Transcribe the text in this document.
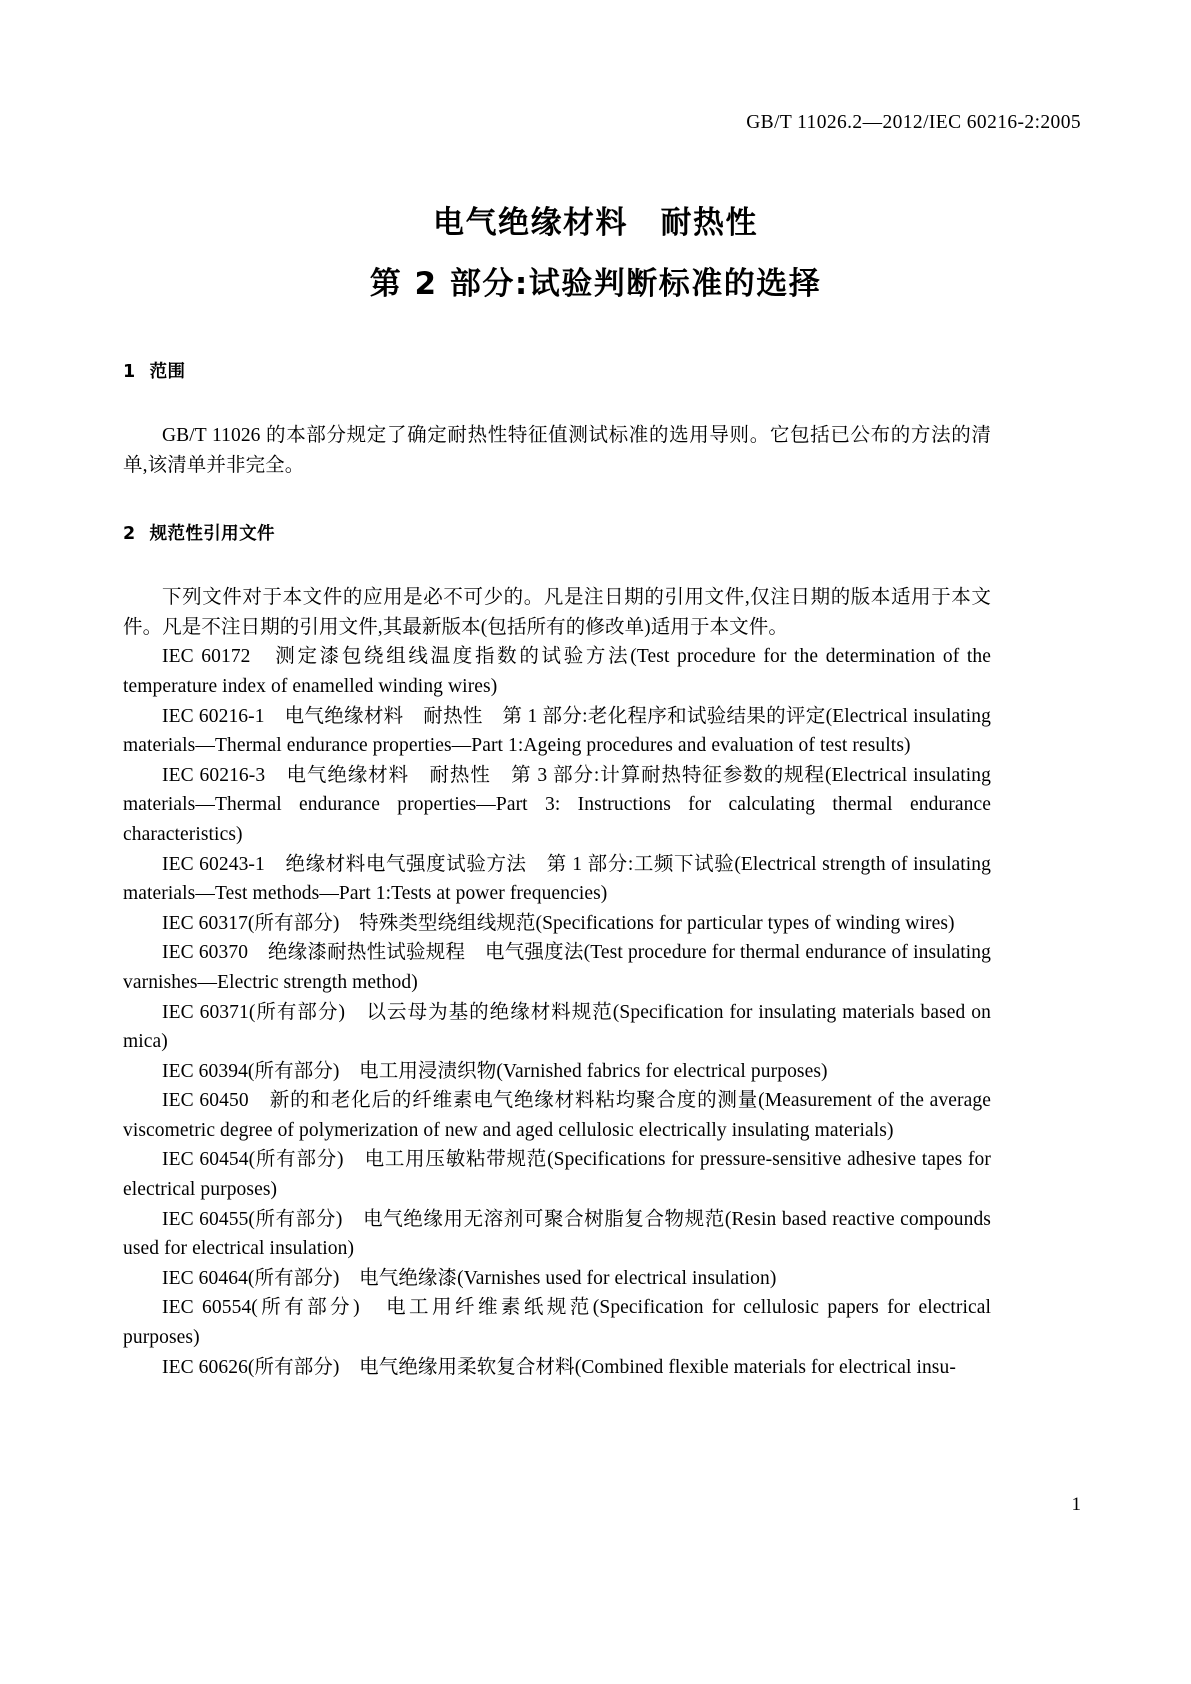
GB/T 11026.2—2012/IEC 60216-2:2005
电气绝缘材料　耐热性
第 2 部分:试验判断标准的选择
1 范围

GB/T 11026 的本部分规定了确定耐热性特征值测试标准的选用导则。它包括已公布的方法的清单,该清单并非完全。

2 规范性引用文件

下列文件对于本文件的应用是必不可少的。凡是注日期的引用文件,仅注日期的版本适用于本文件。凡是不注日期的引用文件,其最新版本(包括所有的修改单)适用于本文件。

IEC 60172　测定漆包绕组线温度指数的试验方法(Test procedure for the determination of the temperature index of enamelled winding wires)
IEC 60216-1　电气绝缘材料　耐热性　第 1 部分:老化程序和试验结果的评定(Electrical insulating materials—Thermal endurance properties—Part 1:Ageing procedures and evaluation of test results)
IEC 60216-3　电气绝缘材料　耐热性　第 3 部分:计算耐热特征参数的规程(Electrical insulating materials—Thermal endurance properties—Part 3: Instructions for calculating thermal endurance characteristics)
IEC 60243-1　绝缘材料电气强度试验方法　第 1 部分:工频下试验(Electrical strength of insulating materials—Test methods—Part 1:Tests at power frequencies)
IEC 60317(所有部分)　特殊类型绕组线规范(Specifications for particular types of winding wires)
IEC 60370　绝缘漆耐热性试验规程　电气强度法(Test procedure for thermal endurance of insulating varnishes—Electric strength method)
IEC 60371(所有部分)　以云母为基的绝缘材料规范(Specification for insulating materials based on mica)
IEC 60394(所有部分)　电工用浸渍织物(Varnished fabrics for electrical purposes)
IEC 60450　新的和老化后的纤维素电气绝缘材料粘均聚合度的测量(Measurement of the average viscometric degree of polymerization of new and aged cellulosic electrically insulating materials)
IEC 60454(所有部分)　电工用压敏粘带规范(Specifications for pressure-sensitive adhesive tapes for electrical purposes)
IEC 60455(所有部分)　电气绝缘用无溶剂可聚合树脂复合物规范(Resin based reactive compounds used for electrical insulation)
IEC 60464(所有部分)　电气绝缘漆(Varnishes used for electrical insulation)
IEC 60554(所有部分)　电工用纤维素纸规范(Specification for cellulosic papers for electrical purposes)
IEC 60626(所有部分)　电气绝缘用柔软复合材料(Combined flexible materials for electrical insu-
1
